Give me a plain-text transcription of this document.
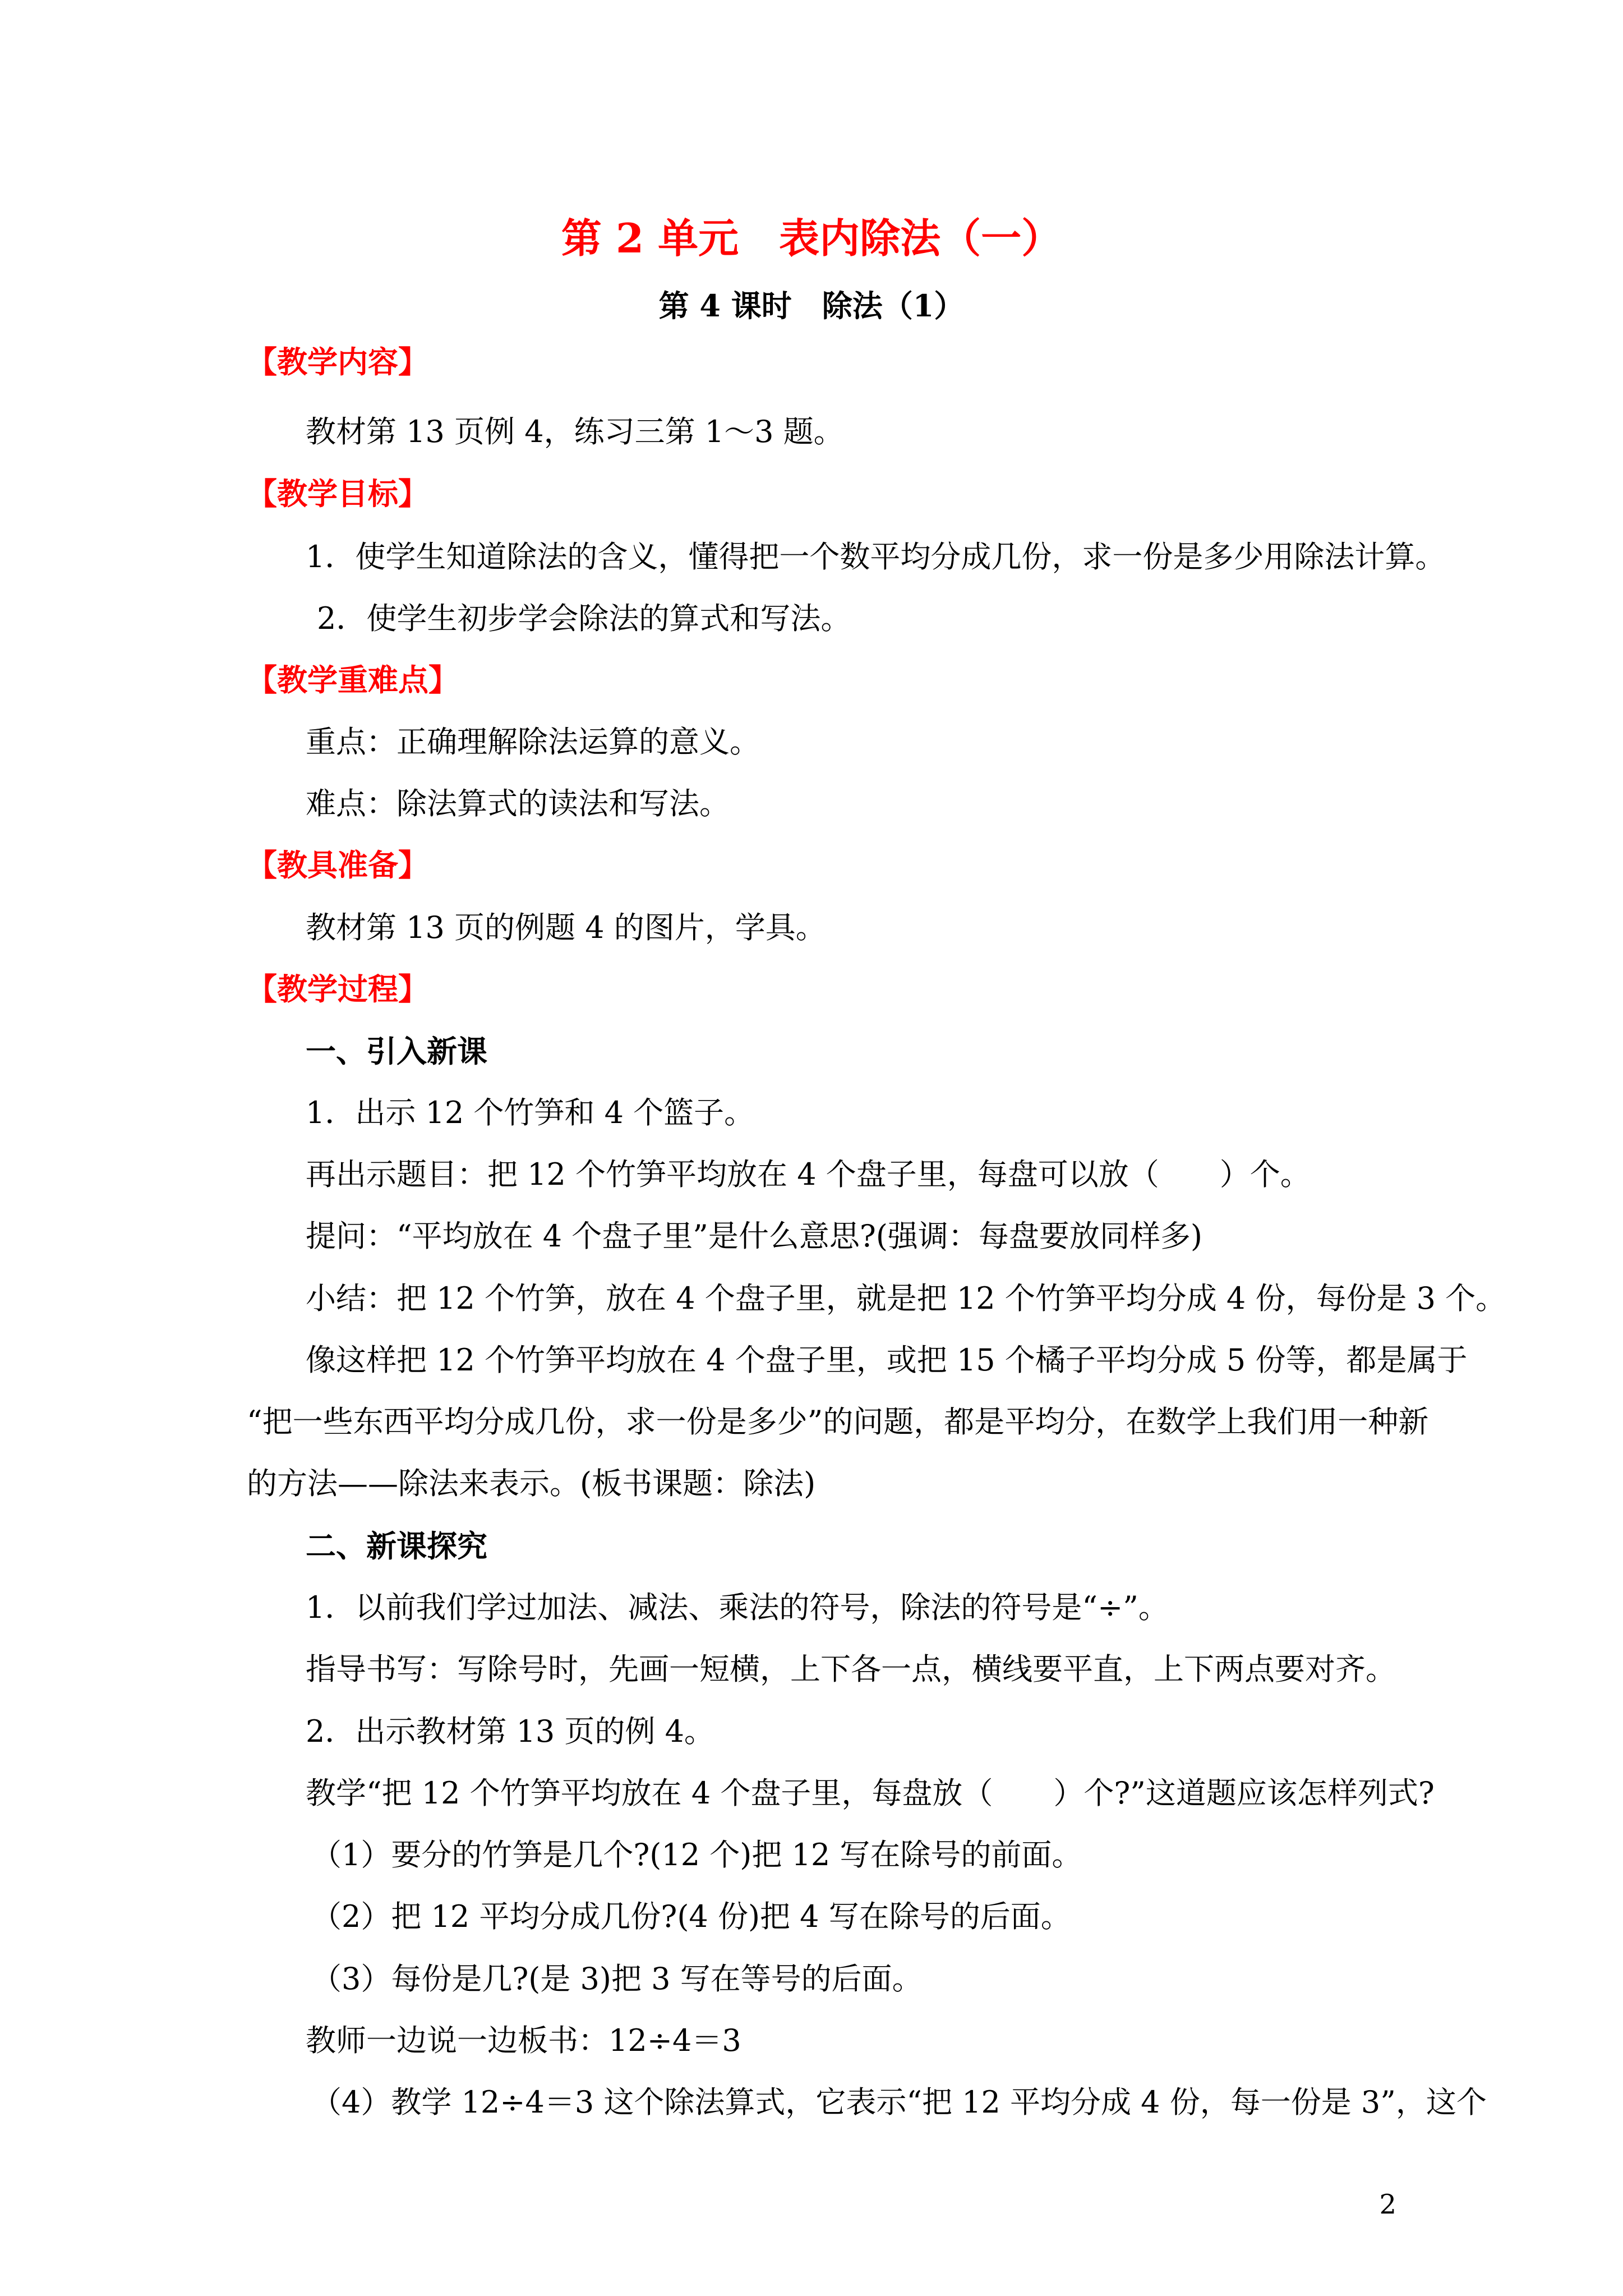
第 2 单元　表内除法（一）
第 4 课时　除法（1）
【教学内容】
教材第 13 页例 4，练习三第 1～3 题。
【教学目标】
1．使学生知道除法的含义，懂得把一个数平均分成几份，求一份是多少用除法计算。
2．使学生初步学会除法的算式和写法。
【教学重难点】
重点：正确理解除法运算的意义。
难点：除法算式的读法和写法。
【教具准备】
教材第 13 页的例题 4 的图片，学具。
【教学过程】
一、引入新课
1．出示 12 个竹笋和 4 个篮子。
再出示题目：把 12 个竹笋平均放在 4 个盘子里，每盘可以放（　　）个。
提问：“平均放在 4 个盘子里”是什么意思?(强调：每盘要放同样多)
小结：把 12 个竹笋，放在 4 个盘子里，就是把 12 个竹笋平均分成 4 份，每份是 3 个。
像这样把 12 个竹笋平均放在 4 个盘子里，或把 15 个橘子平均分成 5 份等，都是属于
“把一些东西平均分成几份，求一份是多少”的问题，都是平均分，在数学上我们用一种新
的方法——除法来表示。(板书课题：除法)
二、新课探究
1．以前我们学过加法、减法、乘法的符号，除法的符号是“÷”。
指导书写：写除号时，先画一短横，上下各一点，横线要平直，上下两点要对齐。
2．出示教材第 13 页的例 4。
教学“把 12 个竹笋平均放在 4 个盘子里，每盘放（　　）个?”这道题应该怎样列式?
（1）要分的竹笋是几个?(12 个)把 12 写在除号的前面。
（2）把 12 平均分成几份?(4 份)把 4 写在除号的后面。
（3）每份是几?(是 3)把 3 写在等号的后面。
教师一边说一边板书：12÷4＝3
（4）教学 12÷4＝3 这个除法算式，它表示“把 12 平均分成 4 份，每一份是 3”，这个
2
